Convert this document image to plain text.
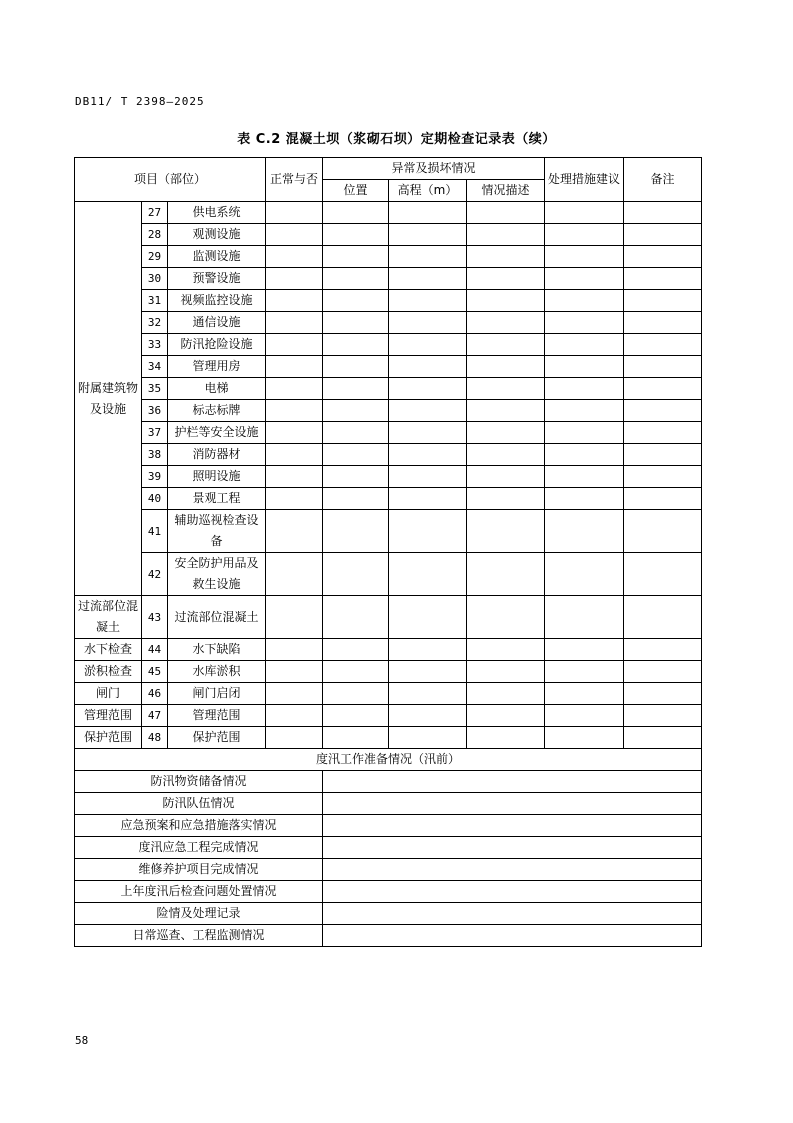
DB11/ T 2398—2025
表 C.2 混凝土坝（浆砌石坝）定期检查记录表（续）
项目（部位）			正常与否	异常及损坏情况			处理措施建议	备注
				位置	高程（m）	情况描述		
附属建筑物及设施	27	供电系统						
	28	观测设施						
	29	监测设施						
	30	预警设施						
	31	视频监控设施						
	32	通信设施						
	33	防汛抢险设施						
	34	管理用房						
	35	电梯						
	36	标志标牌						
	37	护栏等安全设施						
	38	消防器材						
	39	照明设施						
	40	景观工程						
	41	辅助巡视检查设备						
	42	安全防护用品及救生设施						
过流部位混凝土	43	过流部位混凝土						
水下检查	44	水下缺陷						
淤积检查	45	水库淤积						
闸门	46	闸门启闭						
管理范围	47	管理范围						
保护范围	48	保护范围						
度汛工作准备情况（汛前）								
防汛物资储备情况								
防汛队伍情况								
应急预案和应急措施落实情况								
度汛应急工程完成情况								
维修养护项目完成情况								
上年度汛后检查问题处置情况								
险情及处理记录								
日常巡查、工程监测情况								
58
